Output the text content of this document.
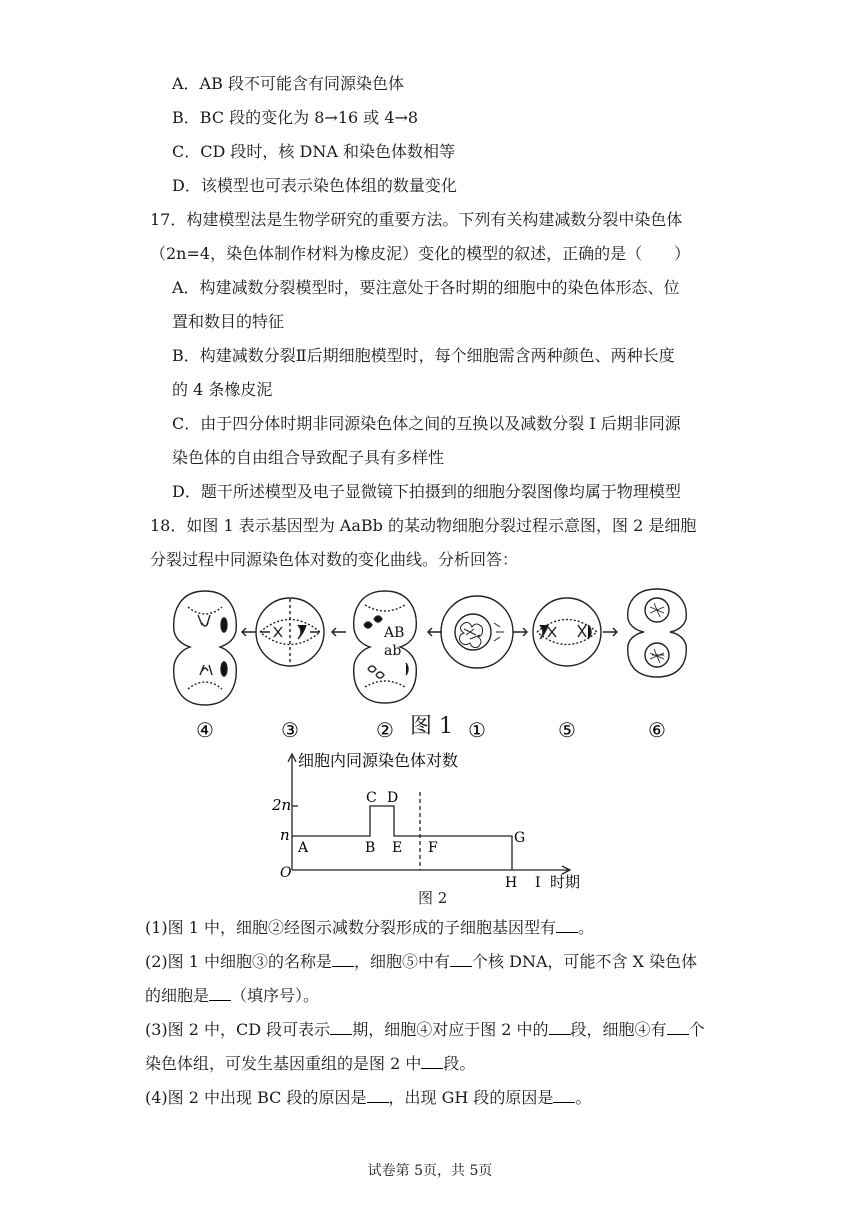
A．AB 段不可能含有同源染色体
B．BC 段的变化为 8→16 或 4→8
C．CD 段时，核 DNA 和染色体数相等
D．该模型也可表示染色体组的数量变化
17．构建模型法是生物学研究的重要方法。下列有关构建减数分裂中染色体
（2n=4，染色体制作材料为橡皮泥）变化的模型的叙述，正确的是（　　）
A．构建减数分裂模型时，要注意处于各时期的细胞中的染色体形态、位
置和数目的特征
B．构建减数分裂Ⅱ后期细胞模型时，每个细胞需含两种颜色、两种长度
的 4 条橡皮泥
C．由于四分体时期非同源染色体之间的互换以及减数分裂 I 后期非同源
染色体的自由组合导致配子具有多样性
D．题干所述模型及电子显微镜下拍摄到的细胞分裂图像均属于物理模型
18．如图 1 表示基因型为 AaBb 的某动物细胞分裂过程示意图，图 2 是细胞
分裂过程中同源染色体对数的变化曲线。分析回答：
AB
ab
④	③	②	①	⑤	⑥
图 1
细胞内同源染色体对数
2n
n
O
C D
G
A	B E F
H I 时期
图 2
(1)图 1 中，细胞②经图示减数分裂形成的子细胞基因型有 。
(2)图 1 中细胞③的名称是 ，细胞⑤中有 个核 DNA，可能不含 X 染色体
的细胞是 （填序号）。
(3)图 2 中，CD 段可表示 期，细胞④对应于图 2 中的 段，细胞④有 个
染色体组，可发生基因重组的是图 2 中 段。
(4)图 2 中出现 BC 段的原因是 ，出现 GH 段的原因是 。
试卷第 5页，共 5页
